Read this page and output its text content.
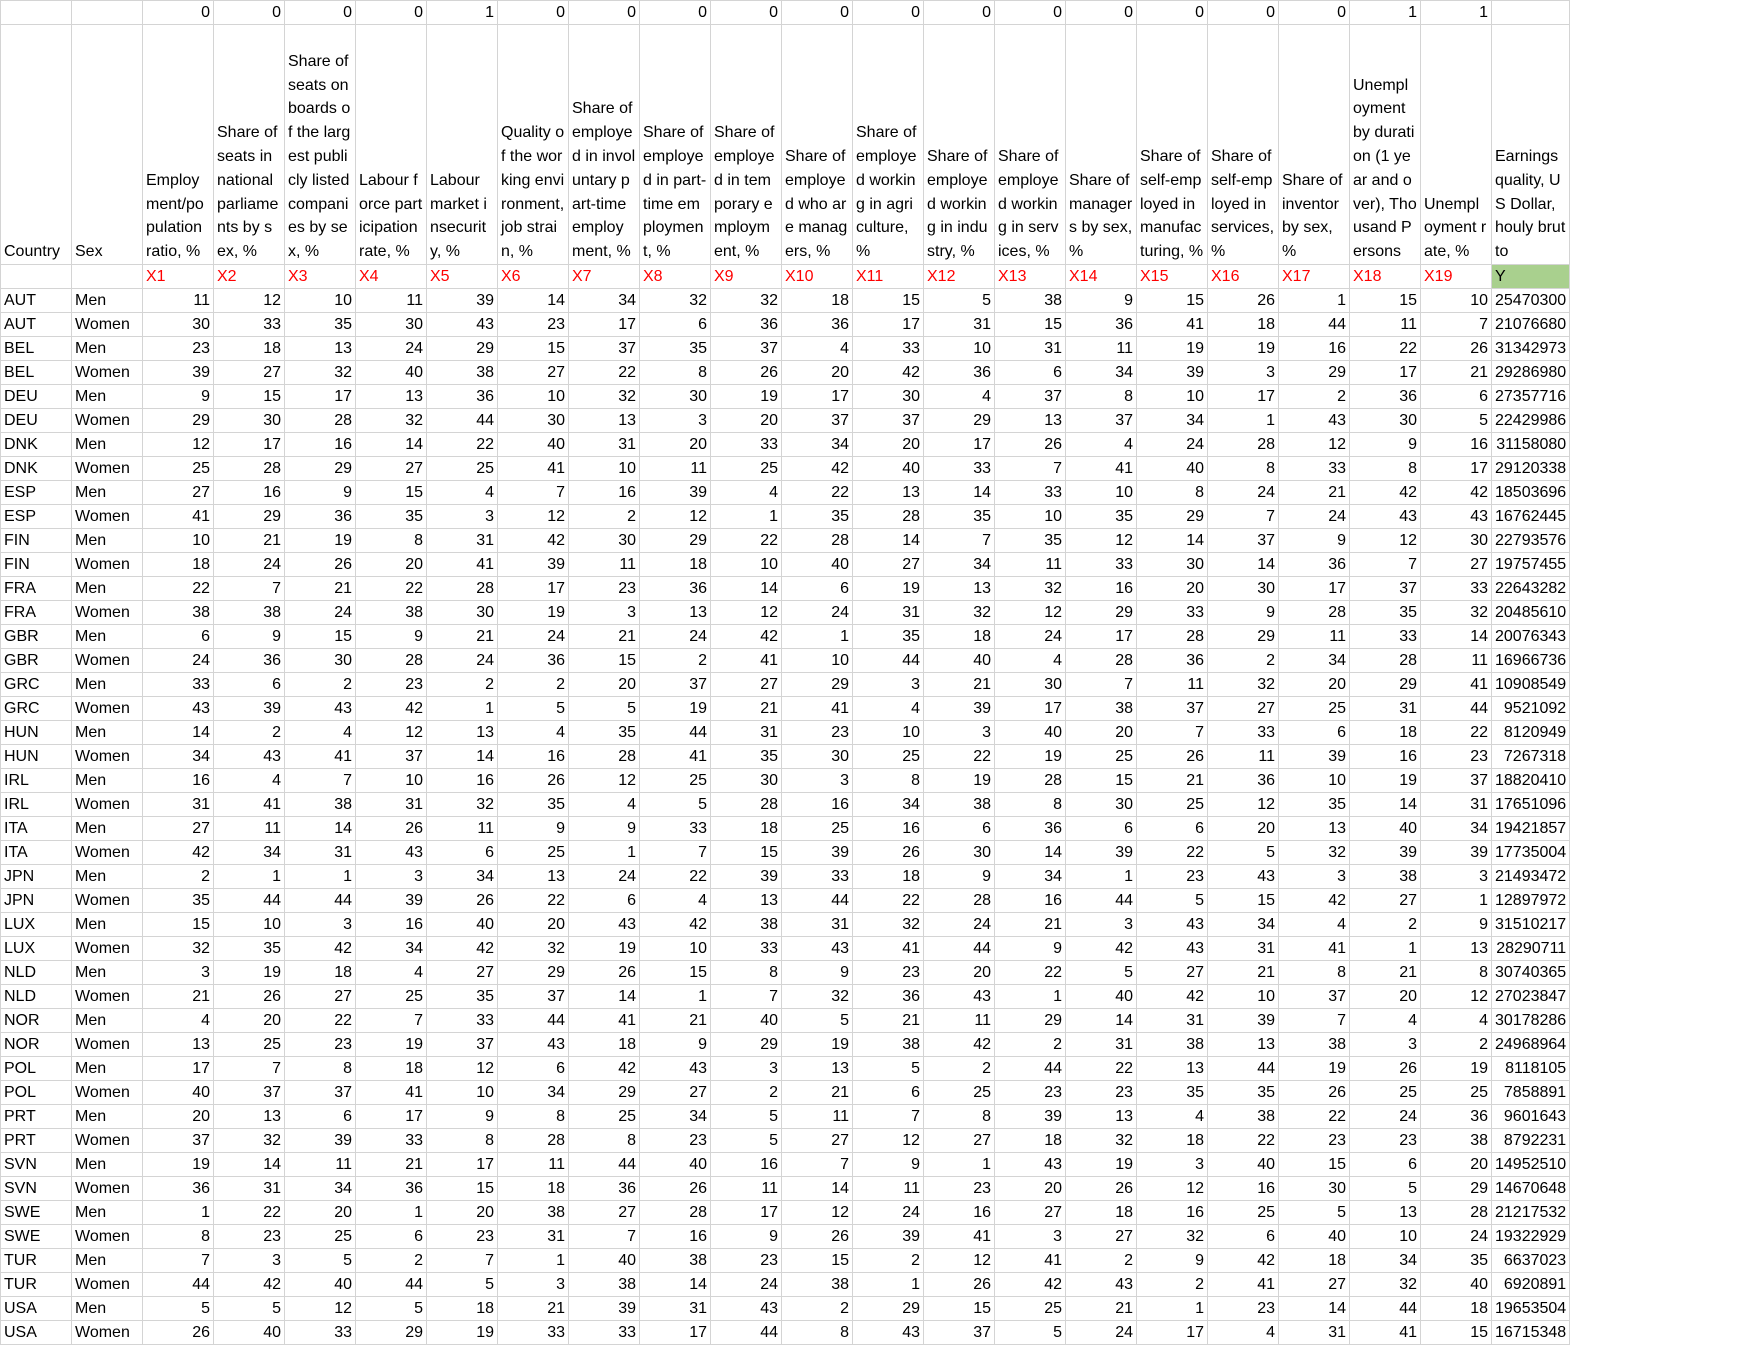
		0	0	0	0	1	0	0	0	0	0	0	0	0	0	0	0	0	1	1	
Country	Sex	Employment/population ratio, %	Share of seats in national parliaments by sex, %	Share of seats on boards of the largest publicly listed companies by sex, %	Labour force participation rate, %	Labour market insecurity, %	Quality of the working environment, job strain, %	Share of employed in involuntary part-time employment, %	Share of employed in part-time employment, %	Share of employed in temporary employment, %	Share of employed who are managers, %	Share of employed working in agriculture, %	Share of employed working in industry, %	Share of employed working in services, %	Share of managers by sex, %	Share of self-employed in manufacturing, %	Share of self-employed in services, %	Share of inventor by sex, %	Unemployment by duration (1 year and over), Thousand Persons	Unemployment rate, %	Earnings quality, US Dollar, houly brutto
		X1	X2	X3	X4	X5	X6	X7	X8	X9	X10	X11	X12	X13	X14	X15	X16	X17	X18	X19	Y
AUT	Men	11	12	10	11	39	14	34	32	32	18	15	5	38	9	15	26	1	15	10	25470300
AUT	Women	30	33	35	30	43	23	17	6	36	36	17	31	15	36	41	18	44	11	7	21076680
BEL	Men	23	18	13	24	29	15	37	35	37	4	33	10	31	11	19	19	16	22	26	31342973
BEL	Women	39	27	32	40	38	27	22	8	26	20	42	36	6	34	39	3	29	17	21	29286980
DEU	Men	9	15	17	13	36	10	32	30	19	17	30	4	37	8	10	17	2	36	6	27357716
DEU	Women	29	30	28	32	44	30	13	3	20	37	37	29	13	37	34	1	43	30	5	22429986
DNK	Men	12	17	16	14	22	40	31	20	33	34	20	17	26	4	24	28	12	9	16	31158080
DNK	Women	25	28	29	27	25	41	10	11	25	42	40	33	7	41	40	8	33	8	17	29120338
ESP	Men	27	16	9	15	4	7	16	39	4	22	13	14	33	10	8	24	21	42	42	18503696
ESP	Women	41	29	36	35	3	12	2	12	1	35	28	35	10	35	29	7	24	43	43	16762445
FIN	Men	10	21	19	8	31	42	30	29	22	28	14	7	35	12	14	37	9	12	30	22793576
FIN	Women	18	24	26	20	41	39	11	18	10	40	27	34	11	33	30	14	36	7	27	19757455
FRA	Men	22	7	21	22	28	17	23	36	14	6	19	13	32	16	20	30	17	37	33	22643282
FRA	Women	38	38	24	38	30	19	3	13	12	24	31	32	12	29	33	9	28	35	32	20485610
GBR	Men	6	9	15	9	21	24	21	24	42	1	35	18	24	17	28	29	11	33	14	20076343
GBR	Women	24	36	30	28	24	36	15	2	41	10	44	40	4	28	36	2	34	28	11	16966736
GRC	Men	33	6	2	23	2	2	20	37	27	29	3	21	30	7	11	32	20	29	41	10908549
GRC	Women	43	39	43	42	1	5	5	19	21	41	4	39	17	38	37	27	25	31	44	9521092
HUN	Men	14	2	4	12	13	4	35	44	31	23	10	3	40	20	7	33	6	18	22	8120949
HUN	Women	34	43	41	37	14	16	28	41	35	30	25	22	19	25	26	11	39	16	23	7267318
IRL	Men	16	4	7	10	16	26	12	25	30	3	8	19	28	15	21	36	10	19	37	18820410
IRL	Women	31	41	38	31	32	35	4	5	28	16	34	38	8	30	25	12	35	14	31	17651096
ITA	Men	27	11	14	26	11	9	9	33	18	25	16	6	36	6	6	20	13	40	34	19421857
ITA	Women	42	34	31	43	6	25	1	7	15	39	26	30	14	39	22	5	32	39	39	17735004
JPN	Men	2	1	1	3	34	13	24	22	39	33	18	9	34	1	23	43	3	38	3	21493472
JPN	Women	35	44	44	39	26	22	6	4	13	44	22	28	16	44	5	15	42	27	1	12897972
LUX	Men	15	10	3	16	40	20	43	42	38	31	32	24	21	3	43	34	4	2	9	31510217
LUX	Women	32	35	42	34	42	32	19	10	33	43	41	44	9	42	43	31	41	1	13	28290711
NLD	Men	3	19	18	4	27	29	26	15	8	9	23	20	22	5	27	21	8	21	8	30740365
NLD	Women	21	26	27	25	35	37	14	1	7	32	36	43	1	40	42	10	37	20	12	27023847
NOR	Men	4	20	22	7	33	44	41	21	40	5	21	11	29	14	31	39	7	4	4	30178286
NOR	Women	13	25	23	19	37	43	18	9	29	19	38	42	2	31	38	13	38	3	2	24968964
POL	Men	17	7	8	18	12	6	42	43	3	13	5	2	44	22	13	44	19	26	19	8118105
POL	Women	40	37	37	41	10	34	29	27	2	21	6	25	23	23	35	35	26	25	25	7858891
PRT	Men	20	13	6	17	9	8	25	34	5	11	7	8	39	13	4	38	22	24	36	9601643
PRT	Women	37	32	39	33	8	28	8	23	5	27	12	27	18	32	18	22	23	23	38	8792231
SVN	Men	19	14	11	21	17	11	44	40	16	7	9	1	43	19	3	40	15	6	20	14952510
SVN	Women	36	31	34	36	15	18	36	26	11	14	11	23	20	26	12	16	30	5	29	14670648
SWE	Men	1	22	20	1	20	38	27	28	17	12	24	16	27	18	16	25	5	13	28	21217532
SWE	Women	8	23	25	6	23	31	7	16	9	26	39	41	3	27	32	6	40	10	24	19322929
TUR	Men	7	3	5	2	7	1	40	38	23	15	2	12	41	2	9	42	18	34	35	6637023
TUR	Women	44	42	40	44	5	3	38	14	24	38	1	26	42	43	2	41	27	32	40	6920891
USA	Men	5	5	12	5	18	21	39	31	43	2	29	15	25	21	1	23	14	44	18	19653504
USA	Women	26	40	33	29	19	33	33	17	44	8	43	37	5	24	17	4	31	41	15	16715348
